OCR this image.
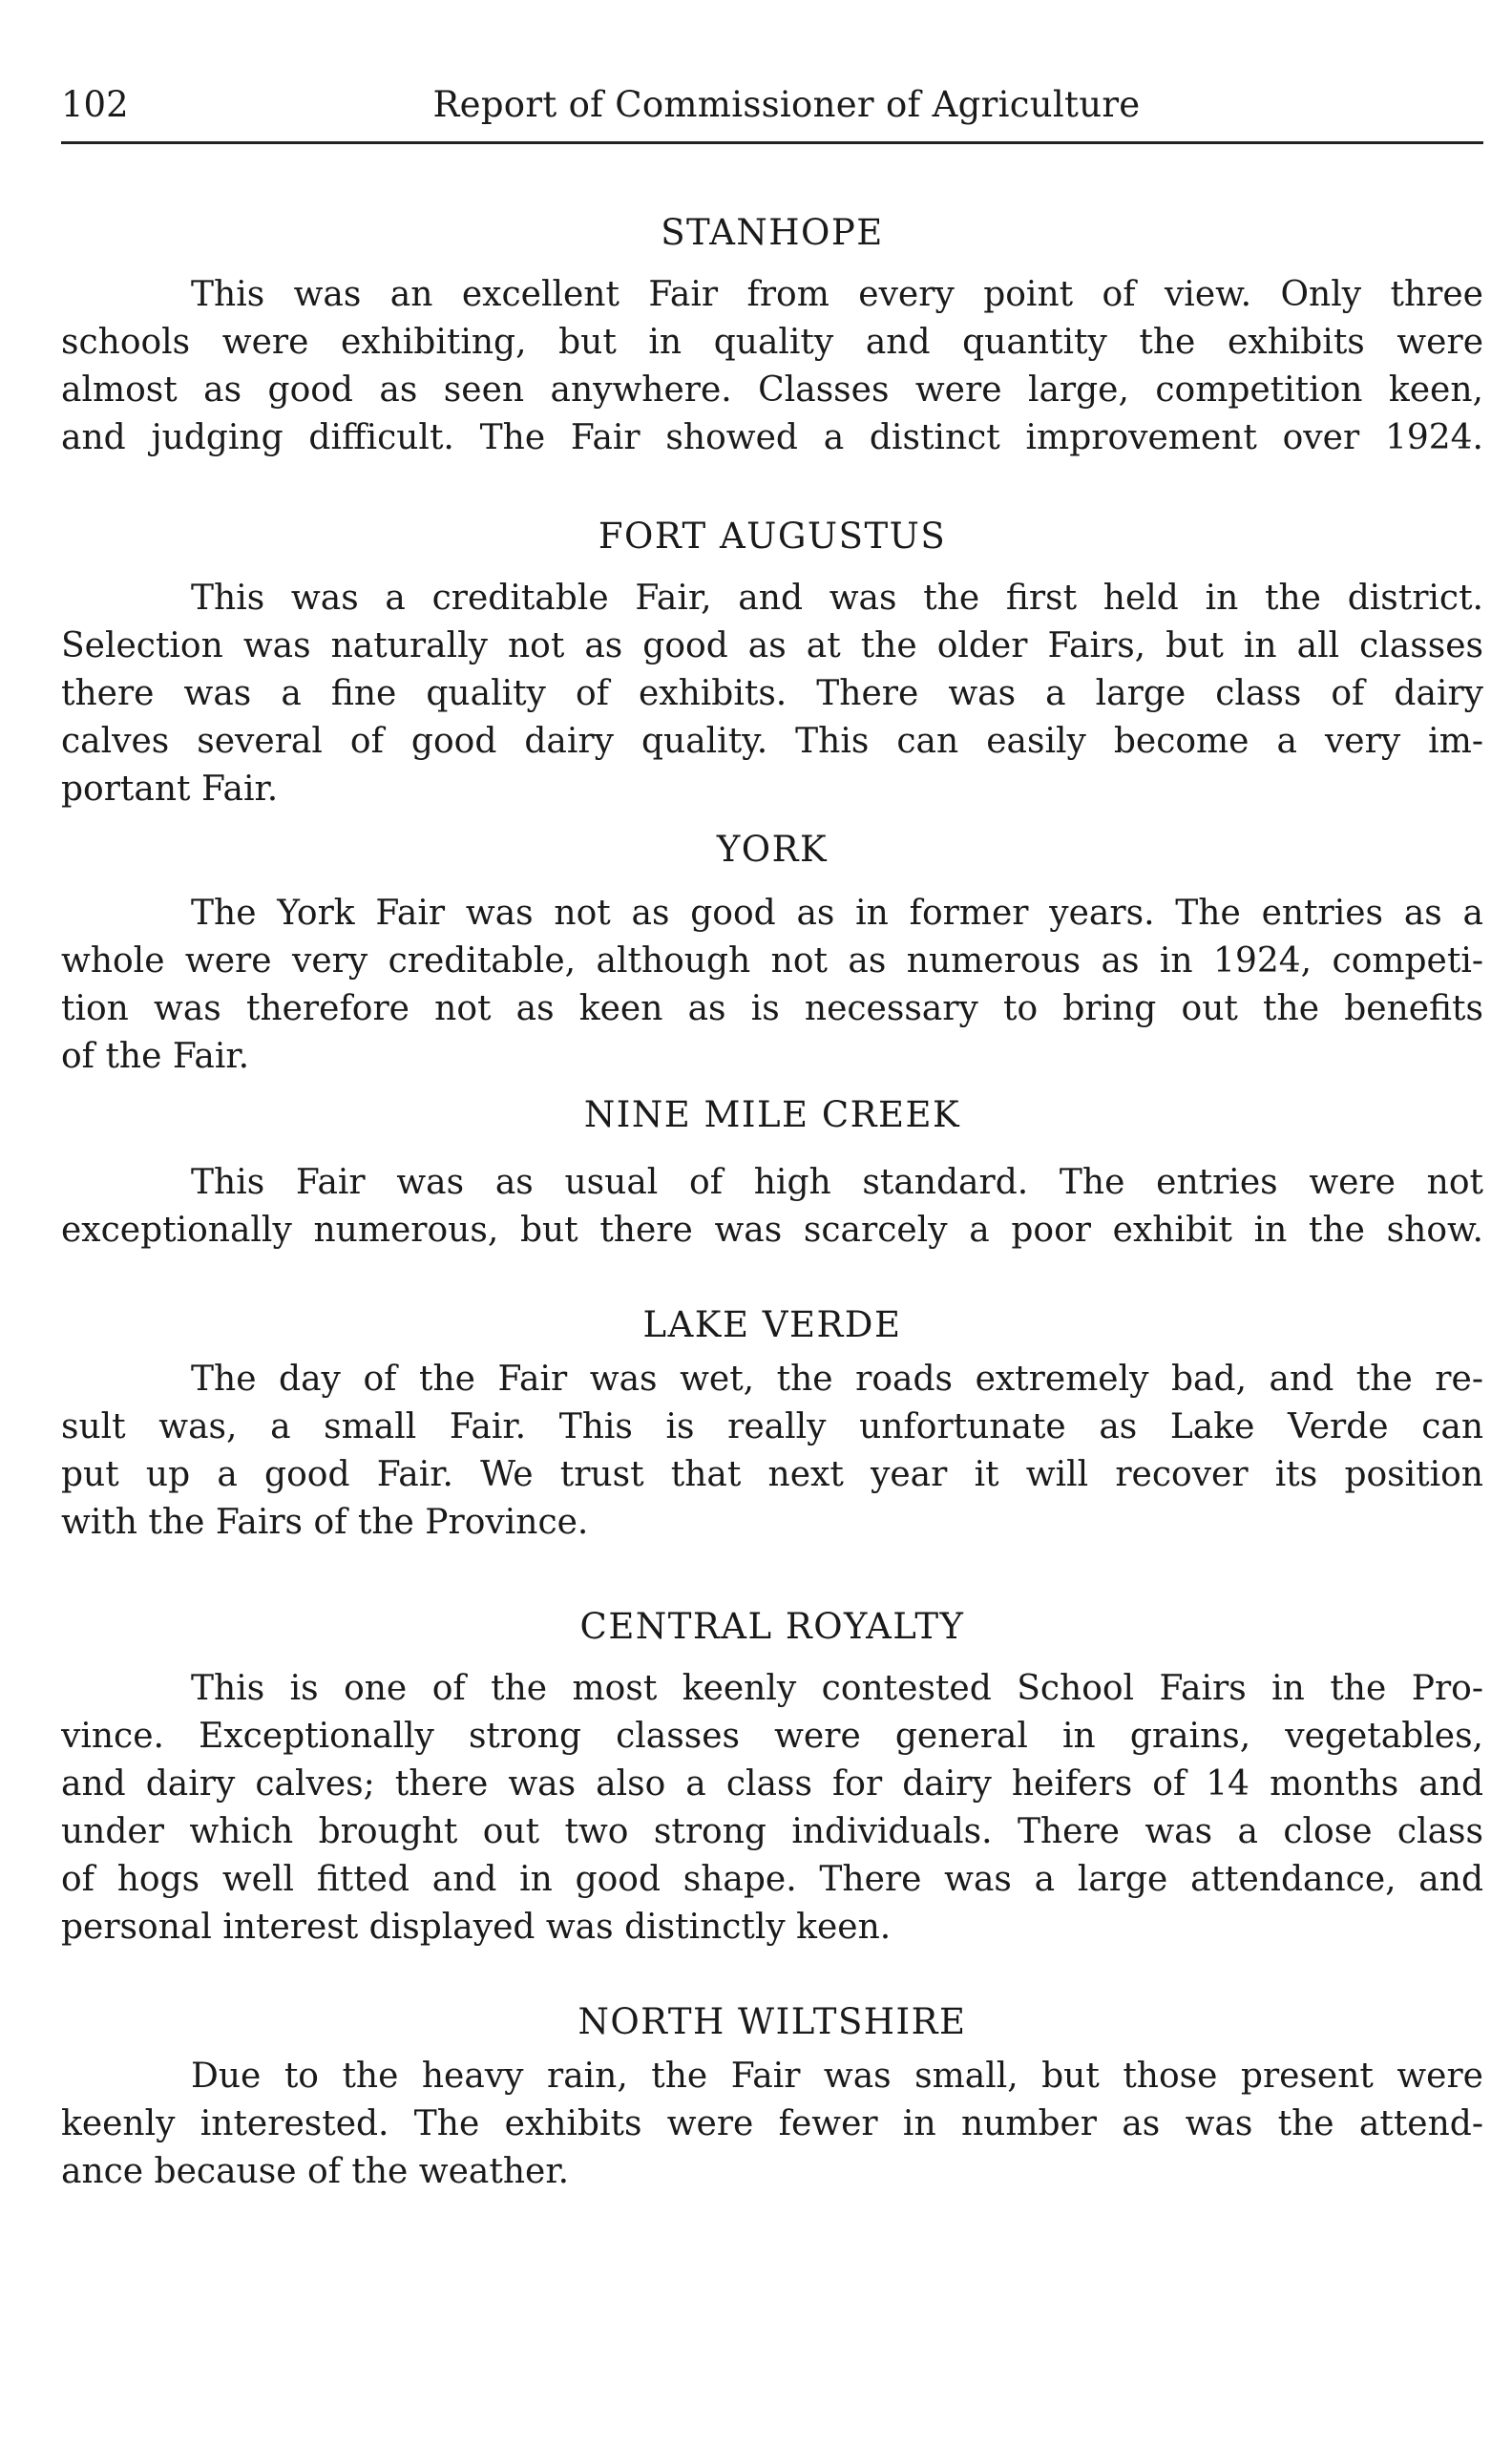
102	Report of Commissioner of Agriculture
STANHOPE

This was an excellent Fair from every point of view. Only three
schools were exhibiting, but in quality and quantity the exhibits were
almost as good as seen anywhere. Classes were large, competition keen,
and judging difficult. The Fair showed a distinct improvement over 1924.

FORT AUGUSTUS

This was a creditable Fair, and was the first held in the district.
Selection was naturally not as good as at the older Fairs, but in all classes
there was a fine quality of exhibits. There was a large class of dairy
calves several of good dairy quality. This can easily become a very im-
portant Fair.

YORK

The York Fair was not as good as in former years. The entries as a
whole were very creditable, although not as numerous as in 1924, competi-
tion was therefore not as keen as is necessary to bring out the benefits
of the Fair.

NINE MILE CREEK

This Fair was as usual of high standard. The entries were not
exceptionally numerous, but there was scarcely a poor exhibit in the show.

LAKE VERDE

The day of the Fair was wet, the roads extremely bad, and the re-
sult was, a small Fair. This is really unfortunate as Lake Verde can
put up a good Fair. We trust that next year it will recover its position
with the Fairs of the Province.

CENTRAL ROYALTY

This is one of the most keenly contested School Fairs in the Pro-
vince. Exceptionally strong classes were general in grains, vegetables,
and dairy calves; there was also a class for dairy heifers of 14 months and
under which brought out two strong individuals. There was a close class
of hogs well fitted and in good shape. There was a large attendance, and
personal interest displayed was distinctly keen.

NORTH WILTSHIRE

Due to the heavy rain, the Fair was small, but those present were
keenly interested. The exhibits were fewer in number as was the attend-
ance because of the weather.
